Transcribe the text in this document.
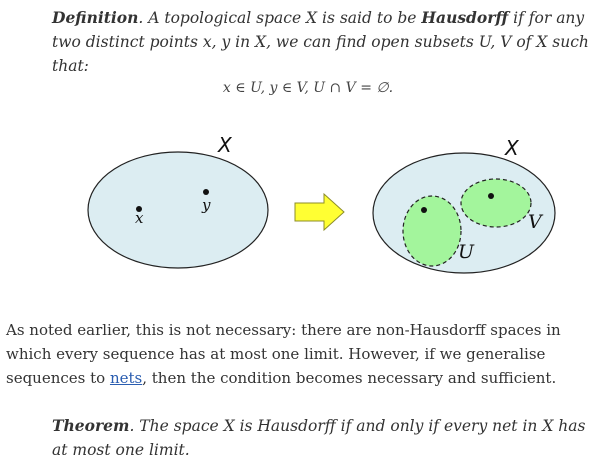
Definition. A topological space X is said to be Hausdorff if for any two distinct points x, y in X, we can find open subsets U, V of X such that:
x ∈ U, y ∈ V, U ∩ V = ∅.
X
x
y
X
U
V
As noted earlier, this is not necessary: there are non-Hausdorff spaces in which every sequence has at most one limit. However, if we generalise sequences to nets, then the condition becomes necessary and sufficient.
Theorem. The space X is Hausdorff if and only if every net in X has at most one limit.
